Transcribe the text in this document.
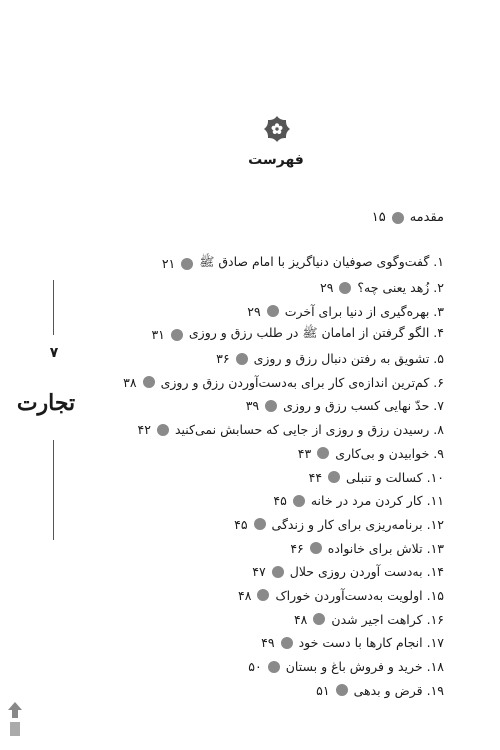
فهرست
مقدمه
۱۵
۱. گفت‌وگوی صوفیان دنیاگریز با امام صادق ﷺ
۲۱
۲. زُهد یعنی چه؟
۲۹
۳. بهره‌گیری از دنیا برای آخرت
۲۹
۴. الگو گرفتن از امامان ﷺ در طلب رزق و روزی
۳۱
۵. تشویق به رفتن دنبال رزق و روزی
۳۶
۶. کم‌ترین اندازه‌ی کار برای به‌دست‌آوردن رزق و روزی
۳۸
۷. حدّ نهایی کسب رزق و روزی
۳۹
۸. رسیدن رزق و روزی از جایی که حسابش نمی‌کنید
۴۲
۹. خوابیدن و بی‌کاری
۴۳
۱۰. کسالت و تنبلی
۴۴
۱۱. کار کردن مرد در خانه
۴۵
۱۲. برنامه‌ریزی برای کار و زندگی
۴۵
۱۳. تلاش برای خانواده
۴۶
۱۴. به‌دست آوردن روزی حلال
۴۷
۱۵. اولویت به‌دست‌آوردن خوراک
۴۸
۱۶. کراهت اجیر شدن
۴۸
۱۷. انجام کارها با دست خود
۴۹
۱۸. خرید و فروش باغ و بستان
۵۰
۱۹. قرض و بدهی
۵۱
۷
تجارت
